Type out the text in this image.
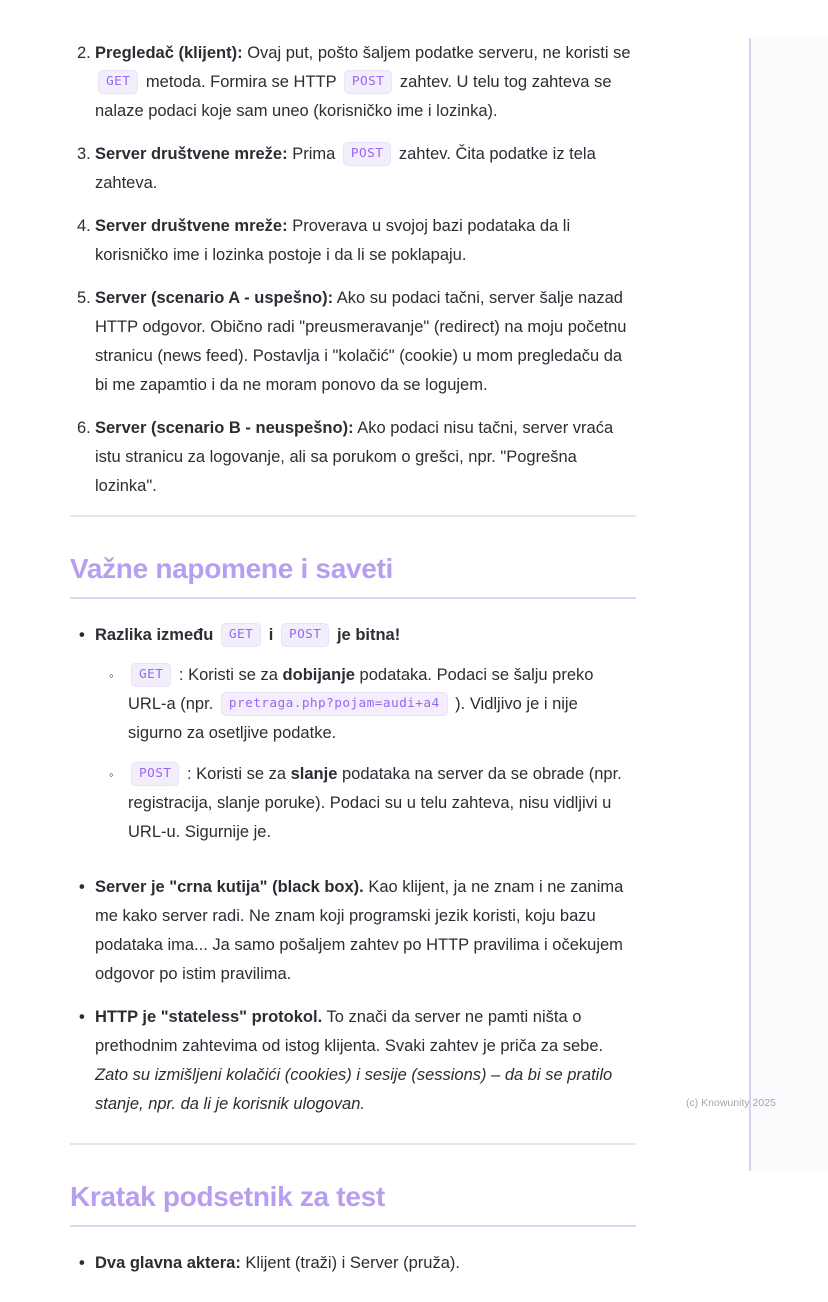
2. Pregledač (klijent): Ovaj put, pošto šaljem podatke serveru, ne koristi se GET metoda. Formira se HTTP POST zahtev. U telu tog zahteva se nalaze podaci koje sam uneo (korisničko ime i lozinka).
3. Server društvene mreže: Prima POST zahtev. Čita podatke iz tela zahteva.
4. Server društvene mreže: Proverava u svojoj bazi podataka da li korisničko ime i lozinka postoje i da li se poklapaju.
5. Server (scenario A - uspešno): Ako su podaci tačni, server šalje nazad HTTP odgovor. Obično radi "preusmeravanje" (redirect) na moju početnu stranicu (news feed). Postavlja i "kolačić" (cookie) u mom pregledaču da bi me zapamtio i da ne moram ponovo da se logujem.
6. Server (scenario B - neuspešno): Ako podaci nisu tačni, server vraća istu stranicu za logovanje, ali sa porukom o grešci, npr. "Pogrešna lozinka".
Važne napomene i saveti
• Razlika između GET i POST je bitna!
◦	GET : Koristi se za dobijanje podataka. Podaci se šalju preko URL-a (npr. pretraga.php?pojam=audi+a4 ). Vidljivo je i nije sigurno za osetljive podatke.
◦	POST : Koristi se za slanje podataka na server da se obrade (npr. registracija, slanje poruke). Podaci su u telu zahteva, nisu vidljivi u URL-u. Sigurnije je.
• Server je "crna kutija" (black box). Kao klijent, ja ne znam i ne zanima me kako server radi. Ne znam koji programski jezik koristi, koju bazu podataka ima... Ja samo pošaljem zahtev po HTTP pravilima i očekujem odgovor po istim pravilima.
• HTTP je "stateless" protokol. To znači da server ne pamti ništa o prethodnim zahtevima od istog klijenta. Svaki zahtev je priča za sebe. Zato su izmišljeni kolačići (cookies) i sesije (sessions) – da bi se pratilo stanje, npr. da li je korisnik ulogovan.
Kratak podsetnik za test
• Dva glavna aktera: Klijent (traži) i Server (pruža).
(c) Knowunity 2025
